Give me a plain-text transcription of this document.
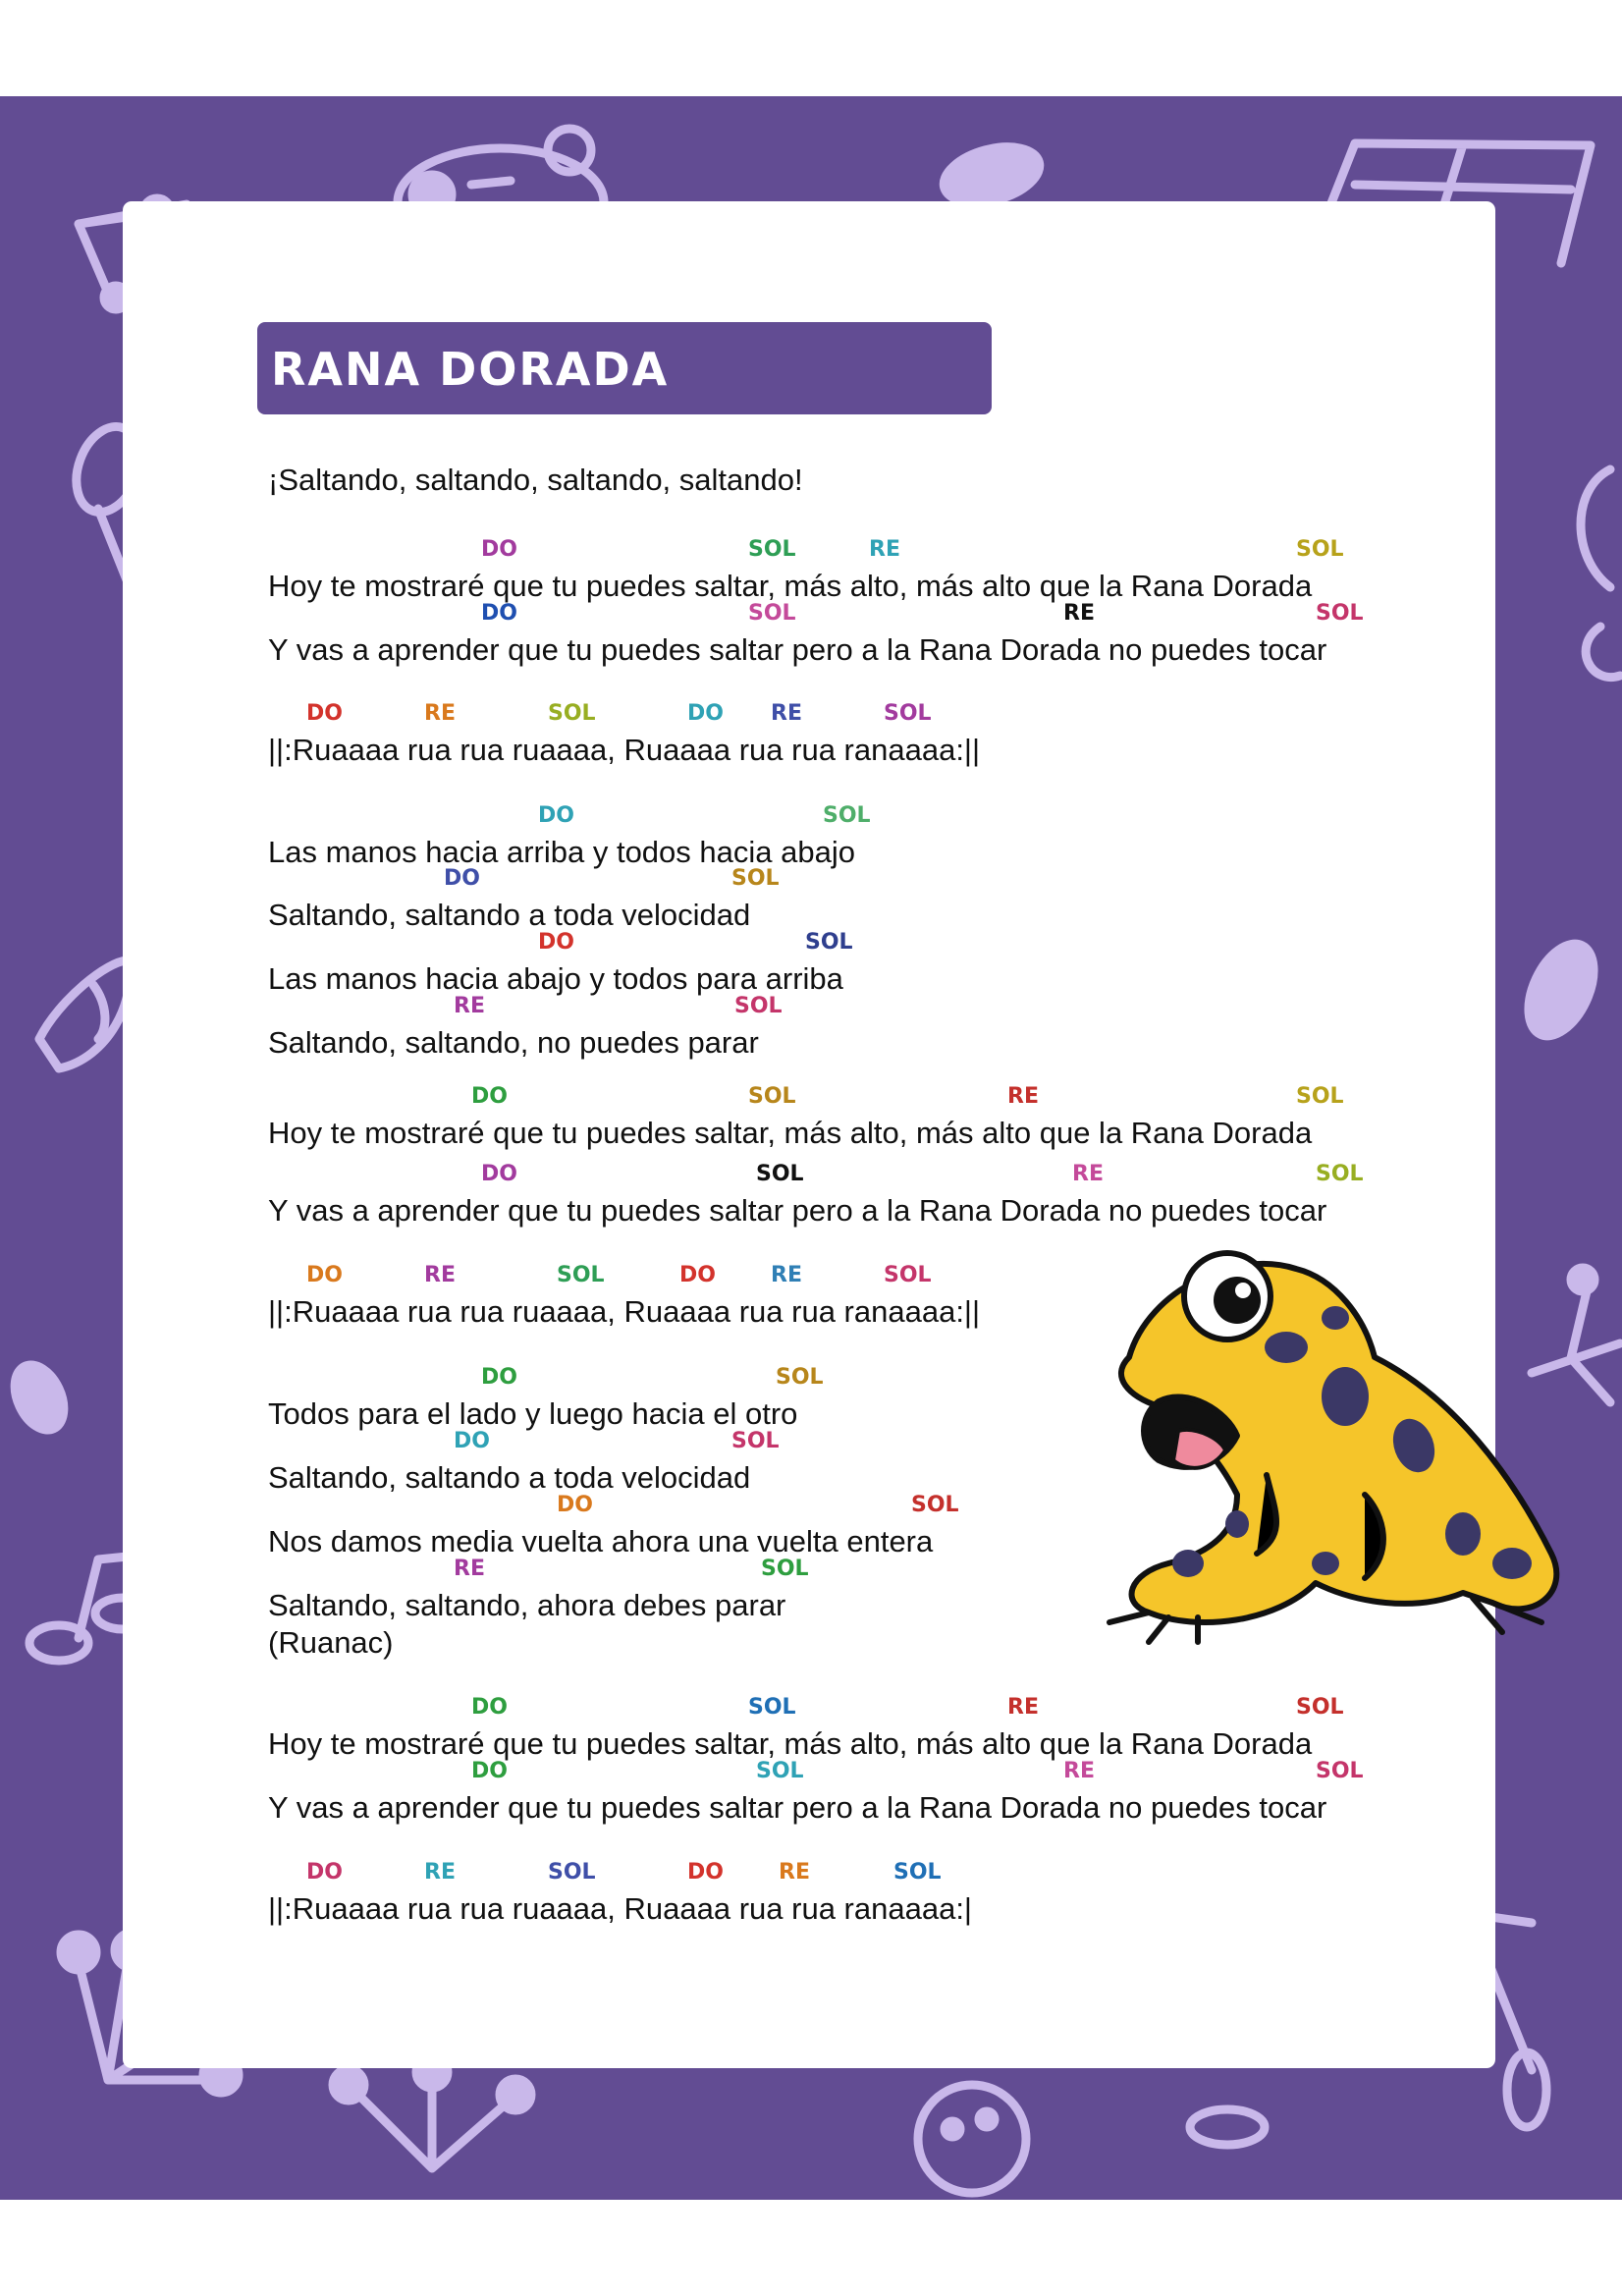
RANA DORADA
¡Saltando, saltando, saltando, saltando!
Hoy te mostraré que tu puedes saltar, más alto, más alto que la Rana Dorada
DO	SOL	RE	SOL
Y vas a aprender que tu puedes saltar pero a la Rana Dorada no puedes tocar
DO	SOL	RE	SOL
||:Ruaaaa rua rua ruaaaa, Ruaaaa rua rua ranaaaa:||
DO	RE	SOL	DO RE	SOL
Las manos hacia arriba y todos hacia abajo
DO	SOL
Saltando, saltando a toda velocidad
DO	SOL
Las manos hacia abajo y todos para arriba
DO	SOL
Saltando, saltando, no puedes parar
RE	SOL
Hoy te mostraré que tu puedes saltar, más alto, más alto que la Rana Dorada
DO	SOL	RE	SOL
Y vas a aprender que tu puedes saltar pero a la Rana Dorada no puedes tocar
DO	SOL	RE	SOL
||:Ruaaaa rua rua ruaaaa, Ruaaaa rua rua ranaaaa:||
DO	RE	SOL	DO	RE	SOL
Todos para el lado y luego hacia el otro
DO	SOL
Saltando, saltando a toda velocidad
DO	SOL
Nos damos media vuelta ahora una vuelta entera
DO	SOL
Saltando, saltando, ahora debes parar
RE	SOL
(Ruanac)
Hoy te mostraré que tu puedes saltar, más alto, más alto que la Rana Dorada
DO	SOL	RE	SOL
Y vas a aprender que tu puedes saltar pero a la Rana Dorada no puedes tocar
DO	SOL	RE	SOL
||:Ruaaaa rua rua ruaaaa, Ruaaaa rua rua ranaaaa:|
DO	RE	SOL	DO	RE	SOL
